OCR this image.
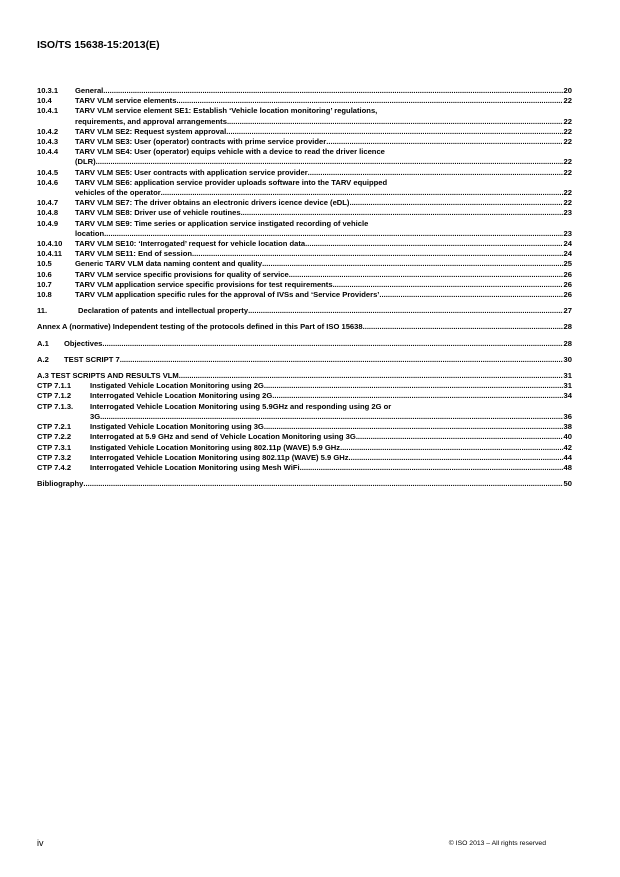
ISO/TS 15638-15:2013(E)
10.3.1	General .....	20
10.4	TARV VLM service elements .....	22
10.4.1	TARV VLM service element SE1: Establish ‘Vehicle location monitoring’ regulations,
requirements, and approval arrangements .....	22
10.4.2	TARV VLM SE2: Request system approval .....	22
10.4.3	TARV VLM SE3: User (operator) contracts with prime service provider .....	22
10.4.4	TARV VLM SE4: User (operator) equips vehicle with a device to read the driver licence
(DLR) .....	22
10.4.5	TARV VLM SE5: User contracts with application service provider .....	22
10.4.6	TARV VLM SE6: application service provider uploads software into the TARV equipped
vehicles of the operator .....	22
10.4.7	TARV VLM SE7: The driver obtains an electronic drivers icence device (eDL) .....	22
10.4.8	TARV VLM SE8: Driver use of vehicle routines .....	23
10.4.9	TARV VLM SE9: Time series or application service instigated recording of vehicle
location .....	23
10.4.10	TARV VLM SE10: ‘Interrogated’ request for vehicle location data .....	24
10.4.11	TARV VLM SE11: End of session .....	24
10.5	Generic TARV VLM data naming content and quality .....	25
10.6	TARV VLM service specific provisions for quality of service .....	26
10.7	TARV VLM application service specific provisions for test requirements .....	26
10.8	TARV VLM application specific rules for the approval of IVSs and ‘Service Providers’ .....	26
11.	Declaration of patents and intellectual property .....	27
Annex A (normative) Independent testing of the protocols defined in this Part of ISO 15638 .....	28
A.1	Objectives .....	28
A.2	TEST SCRIPT 7 .....	30
A.3 TEST SCRIPTS AND RESULTS VLM .....	31
CTP 7.1.1	Instigated Vehicle Location Monitoring using 2G .....	31
CTP 7.1.2	Interrogated Vehicle Location Monitoring using 2G .....	34
CTP 7.1.3.	Interrogated Vehicle Location Monitoring using 5.9GHz and responding using 2G or
3G .....	36
CTP 7.2.1	Instigated Vehicle Location Monitoring using 3G .....	38
CTP 7.2.2	Interrogated at 5.9 GHz and send of Vehicle Location Monitoring using 3G .....	40
CTP 7.3.1	Instigated Vehicle Location Monitoring using 802.11p (WAVE) 5.9 GHz .....	42
CTP 7.3.2	Interrogated Vehicle Location Monitoring using 802.11p (WAVE) 5.9 GHz .....	44
CTP 7.4.2	Interrogated Vehicle Location Monitoring using Mesh WiFi .....	48
Bibliography .....	50
iv	© ISO 2013 – All rights reserved
